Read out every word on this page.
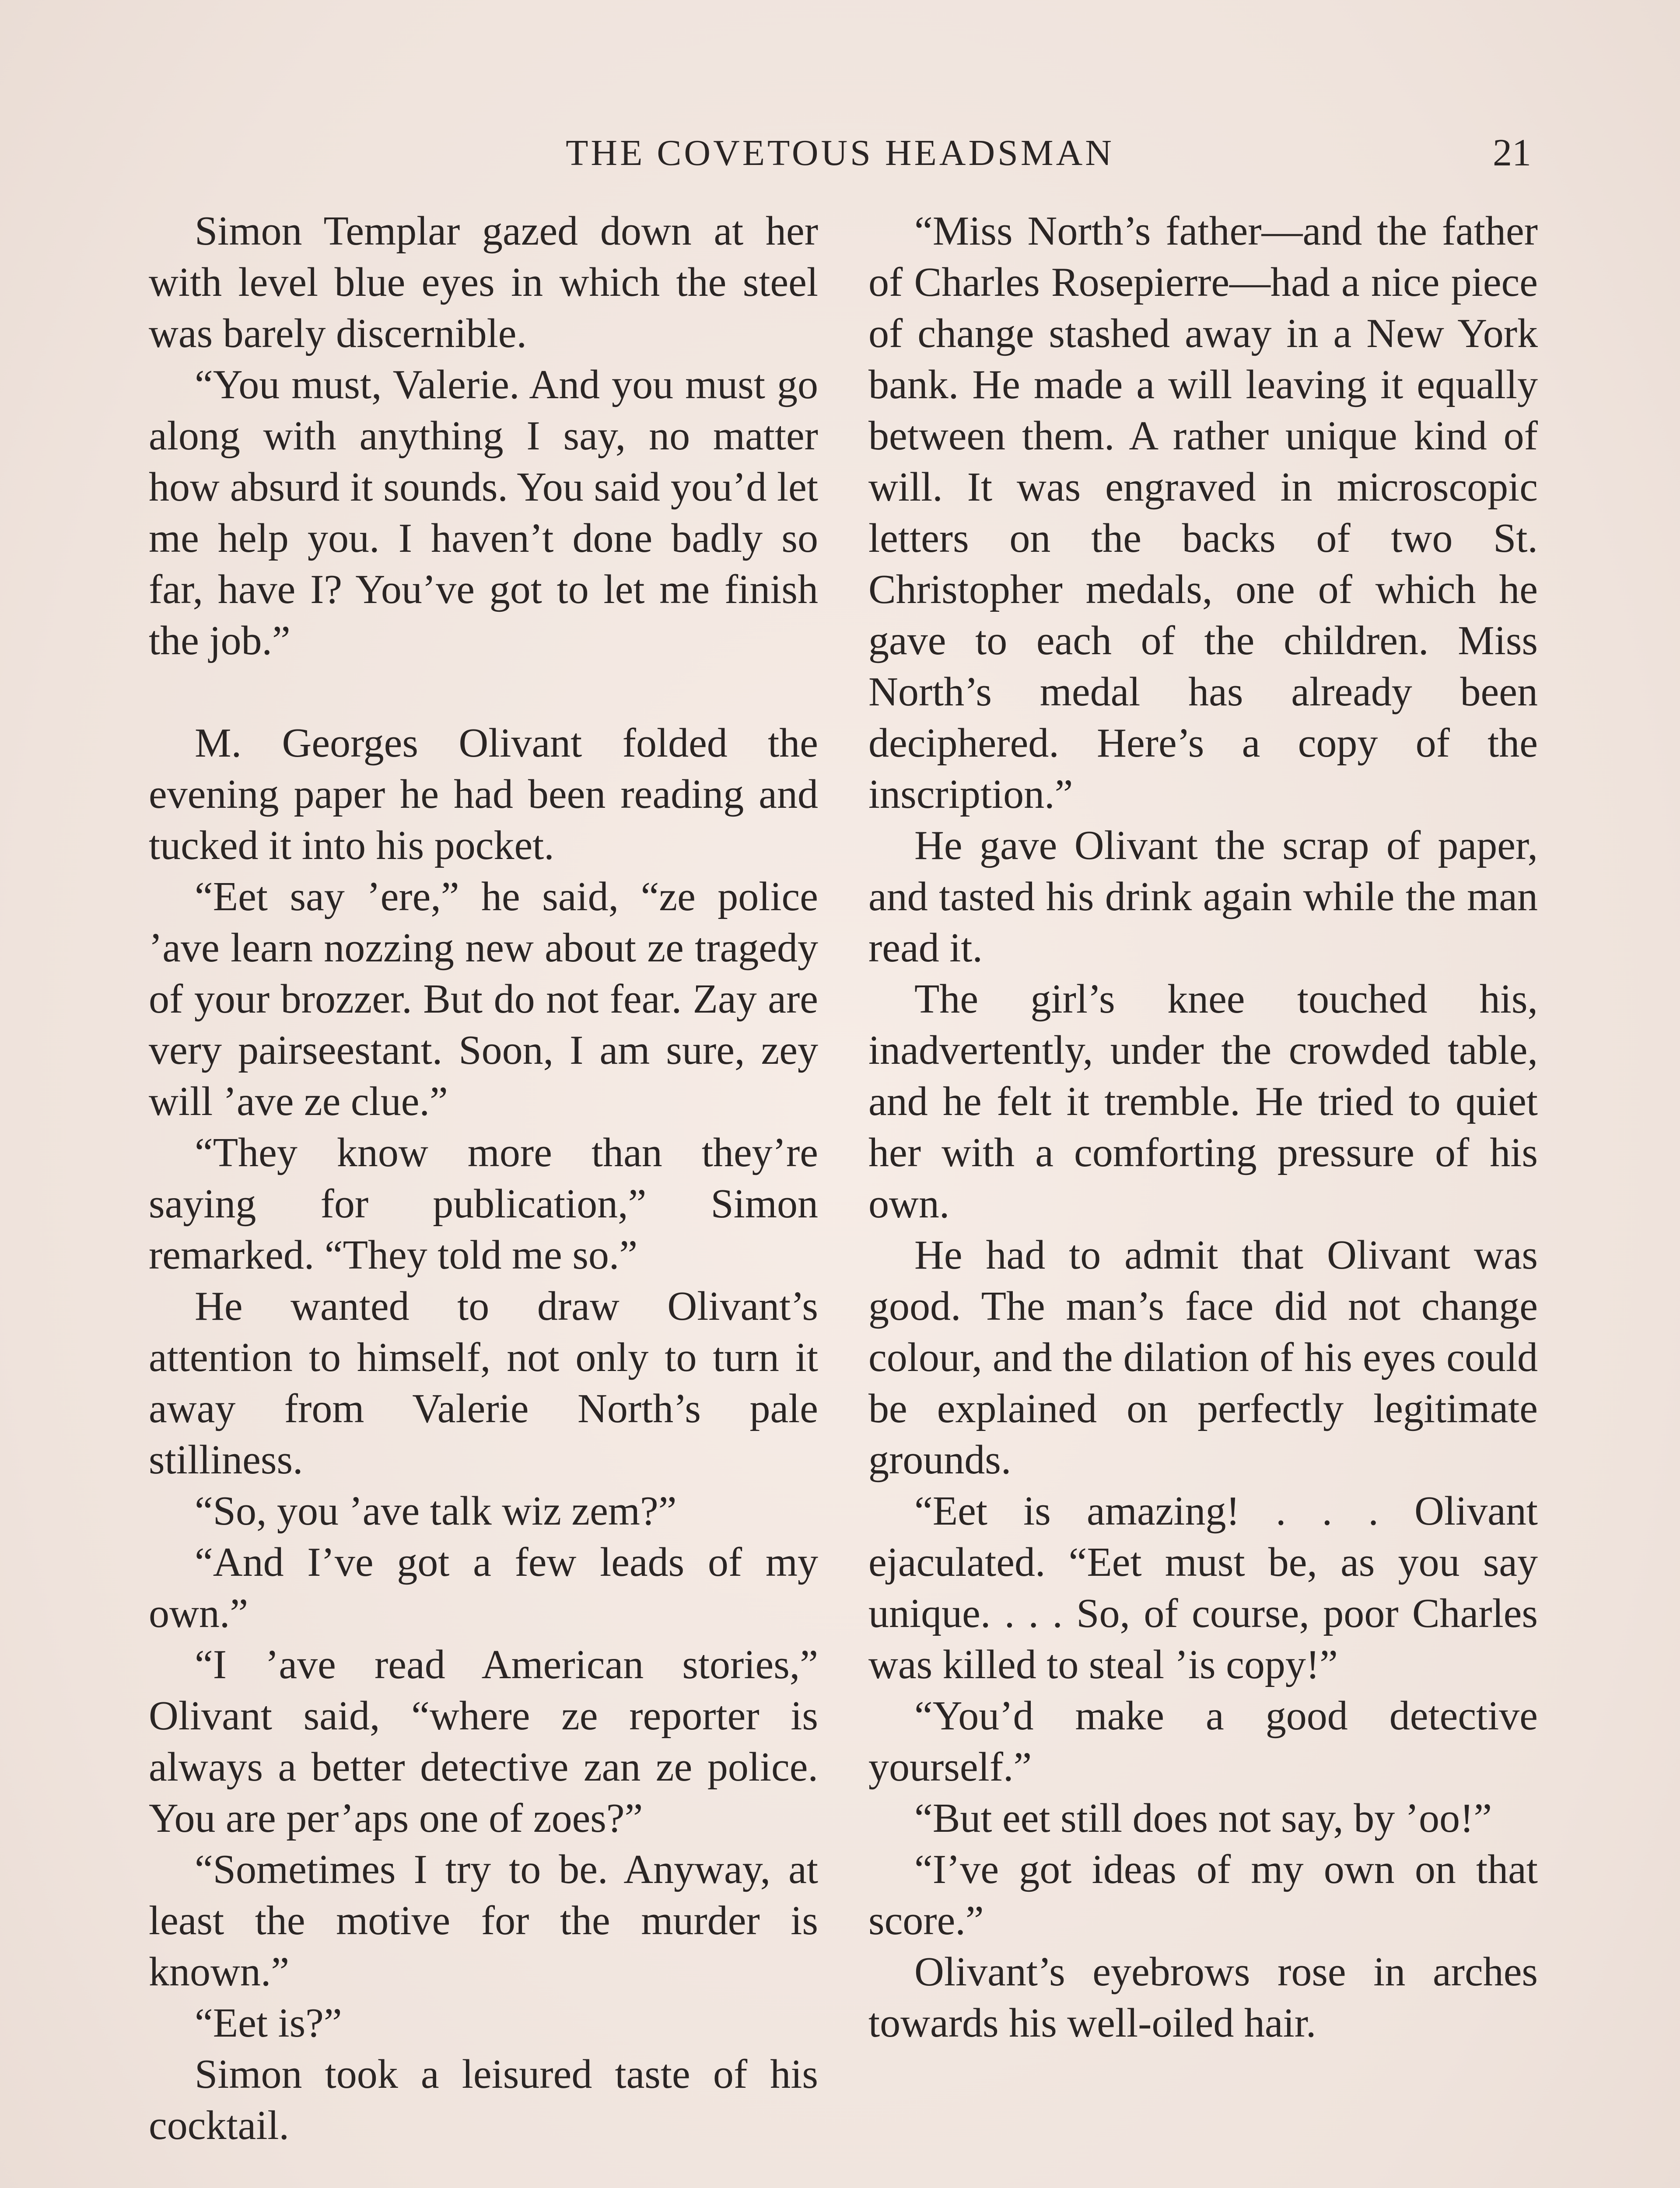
THE COVETOUS HEADSMAN	21

Simon Templar gazed down at her with level blue eyes in which the steel was barely discernible.

“You must, Valerie. And you must go along with anything I say, no matter how absurd it sounds. You said you’d let me help you. I haven’t done badly so far, have I? You’ve got to let me finish the job.”

M. Georges Olivant folded the evening paper he had been reading and tucked it into his pocket.

“Eet say ’ere,” he said, “ze police ’ave learn nozzing new about ze tragedy of your brozzer. But do not fear. Zay are very pairseestant. Soon, I am sure, zey will ’ave ze clue.”

“They know more than they’re saying for publication,” Simon remarked. “They told me so.”

He wanted to draw Olivant’s attention to himself, not only to turn it away from Valerie North’s pale stilliness.

“So, you ’ave talk wiz zem?”

“And I’ve got a few leads of my own.”

“I ’ave read American stories,” Olivant said, “where ze reporter is always a better detective zan ze police. You are per’aps one of zoes?”

“Sometimes I try to be. Anyway, at least the motive for the murder is known.”

“Eet is?”

Simon took a leisured taste of his cocktail.

“Miss North’s father—and the father of Charles Rosepierre—had a nice piece of change stashed away in a New York bank. He made a will leaving it equally between them. A rather unique kind of will. It was engraved in microscopic letters on the backs of two St. Christopher medals, one of which he gave to each of the children. Miss North’s medal has already been deciphered. Here’s a copy of the inscription.”

He gave Olivant the scrap of paper, and tasted his drink again while the man read it.

The girl’s knee touched his, inadvertently, under the crowded table, and he felt it tremble. He tried to quiet her with a comforting pressure of his own.

He had to admit that Olivant was good. The man’s face did not change colour, and the dilation of his eyes could be explained on perfectly legitimate grounds.

“Eet is amazing! . . . Olivant ejaculated. “Eet must be, as you say unique. . . . So, of course, poor Charles was killed to steal ’is copy!”

“You’d make a good detective yourself.”

“But eet still does not say, by ’oo!”

“I’ve got ideas of my own on that score.”

Olivant’s eyebrows rose in arches towards his well-oiled hair.
